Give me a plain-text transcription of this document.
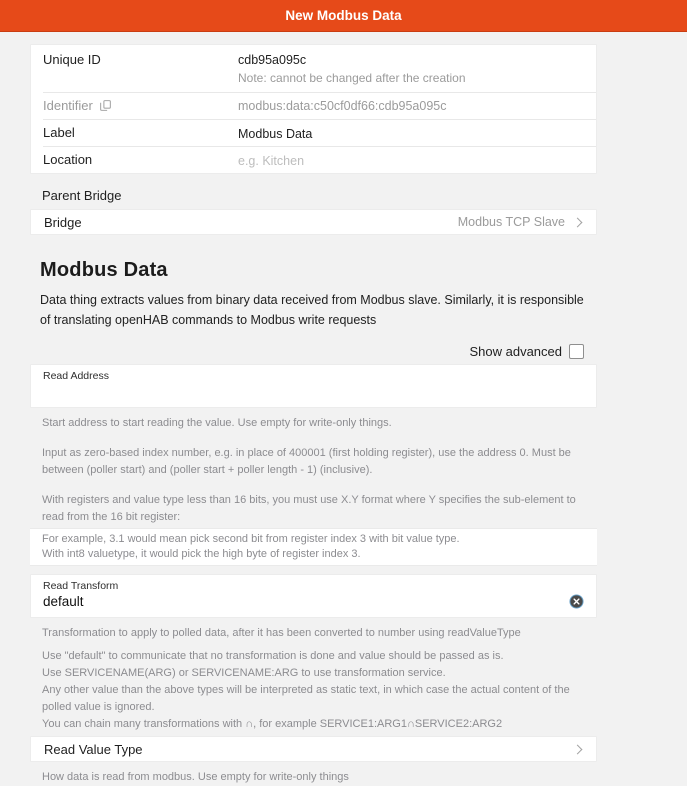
New Modbus Data
Unique ID
cdb95a095c
Note: cannot be changed after the creation
Identifier	modbus:data:c50cf0df66:cdb95a095c
Label
Modbus Data
Location
e.g. Kitchen
Parent Bridge
Bridge	Modbus TCP Slave
Modbus Data

Data thing extracts values from binary data received from Modbus slave. Similarly, it is responsible of translating openHAB commands to Modbus write requests

Show advanced
Read Address

Start address to start reading the value. Use empty for write-only things.

Input as zero-based index number, e.g. in place of 400001 (first holding register), use the address 0. Must be between (poller start) and (poller start + poller length - 1) (inclusive).

With registers and value type less than 16 bits, you must use X.Y format where Y specifies the sub-element to read from the 16 bit register:

For example, 3.1 would mean pick second bit from register index 3 with bit value type.
With int8 valuetype, it would pick the high byte of register index 3.
Read Transform
default

Transformation to apply to polled data, after it has been converted to number using readValueType

Use "default" to communicate that no transformation is done and value should be passed as is.
Use SERVICENAME(ARG) or SERVICENAME:ARG to use transformation service.
Any other value than the above types will be interpreted as static text, in which case the actual content of the polled value is ignored.
You can chain many transformations with ∩, for example SERVICE1:ARG1∩SERVICE2:ARG2
Read Value Type

How data is read from modbus. Use empty for write-only things
